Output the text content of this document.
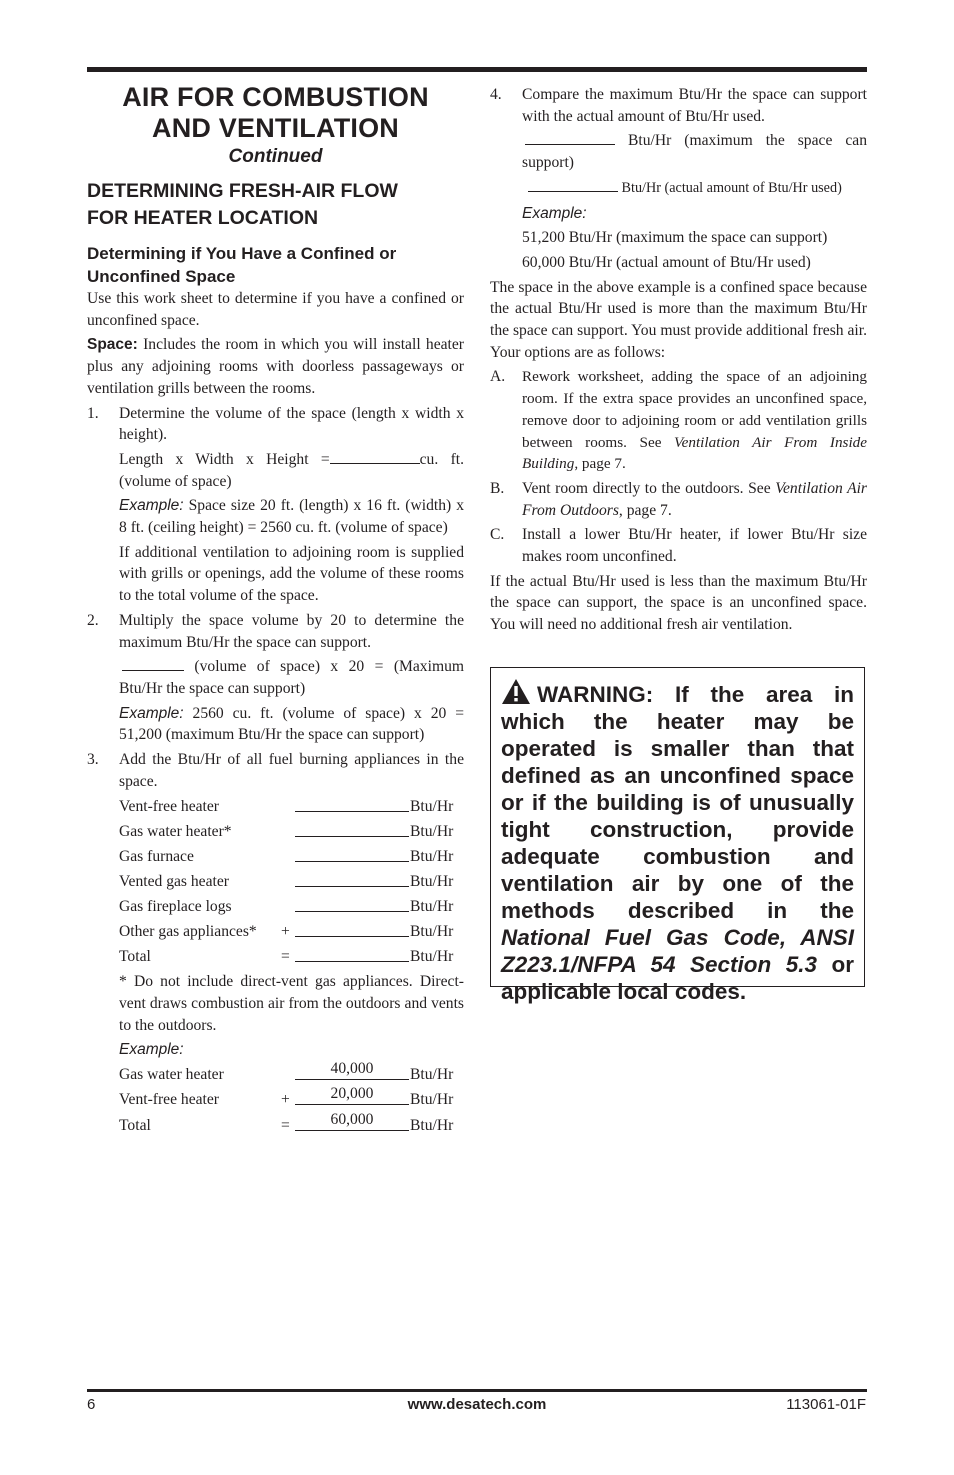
AIR FOR COMBUSTION
AND VENTILATION
Continued
DETERMINING FRESH-AIR FLOW
FOR HEATER LOCATION
Determining if You Have a Confined or
Unconfined Space

Use this work sheet to determine if you have a confined or unconfined space.

Space: Includes the room in which you will install heater plus any adjoining rooms with doorless passageways or ventilation grills between the rooms.

1.	Determine the volume of the space (length x width x height).

Length x Width x Height =	cu. ft. (volume of space)

Example: Space size 20 ft. (length) x 16 ft. (width) x 8 ft. (ceiling height) = 2560 cu. ft. (volume of space)

If additional ventilation to adjoining room is supplied with grills or openings, add the volume of these rooms to the total volume of the space.

2.	Multiply the space volume by 20 to determine the maximum Btu/Hr the space can support.

(volume of space) x 20 = (Maximum Btu/Hr the space can support)

Example: 2560 cu. ft. (volume of space) x 20 = 51,200 (maximum Btu/Hr the space can support)

3.	Add the Btu/Hr of all fuel burning appliances in the space.

Vent-free heater	Btu/Hr
Gas water heater*	Btu/Hr
Gas furnace	Btu/Hr
Vented gas heater	Btu/Hr
Gas fireplace logs	Btu/Hr
Other gas appliances*	+	Btu/Hr
Total	=	Btu/Hr

* Do not include direct-vent gas appliances. Direct-vent draws combustion air from the outdoors and vents to the outdoors.

Example:

Gas water heater	40,000	Btu/Hr
Vent-free heater	+	20,000	Btu/Hr
Total	=	60,000	Btu/Hr
4.	Compare the maximum Btu/Hr the space can support with the actual amount of Btu/Hr used.

Btu/Hr (maximum the space can support)

Btu/Hr (actual amount of Btu/Hr used)

Example:

51,200 Btu/Hr (maximum the space can support)

60,000 Btu/Hr (actual amount of Btu/Hr used)

The space in the above example is a confined space because the actual Btu/Hr used is more than the maximum Btu/Hr the space can support. You must provide additional fresh air. Your options are as follows:

A.	Rework worksheet, adding the space of an adjoining room. If the extra space provides an unconfined space, remove door to adjoining room or add ventilation grills between rooms. See Ventilation Air From Inside Building, page 7.

B.	Vent room directly to the outdoors. See Ventilation Air From Outdoors, page 7.

C.	Install a lower Btu/Hr heater, if lower Btu/Hr size makes room unconfined.

If the actual Btu/Hr used is less than the maximum Btu/Hr the space can support, the space is an unconfined space. You will need no additional fresh air ventilation.

WARNING: If the area in which the heater may be operated is smaller than that defined as an unconfined space or if the building is of unusually tight construction, provide adequate combustion and ventilation air by one of the methods described in the National Fuel Gas Code, ANSI Z223.1/NFPA 54 Section 5.3 or applicable local codes.

www.desatech.com
6	113061-01F
